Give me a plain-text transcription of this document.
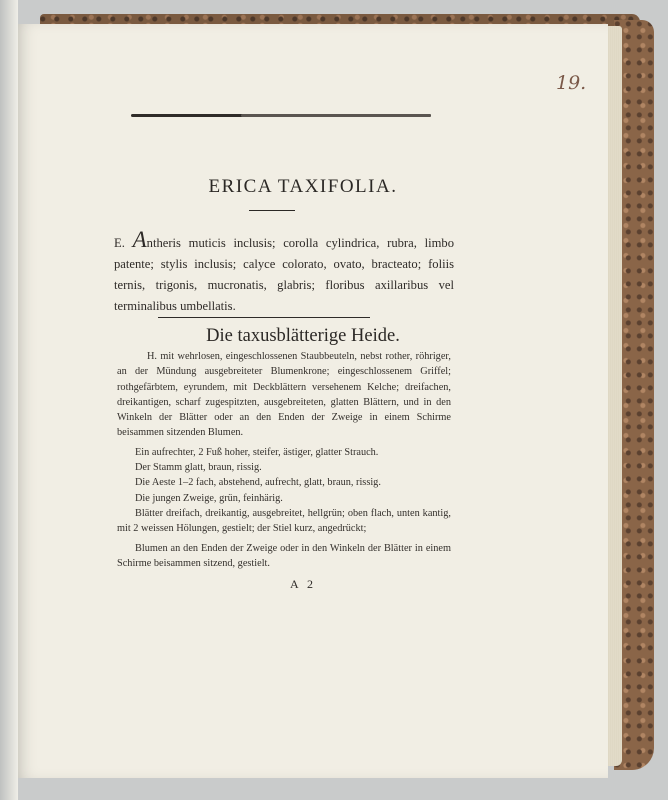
19.
ERICA TAXIFOLIA.
E. Antheris muticis inclusis; corolla cylindrica, rubra, limbo patente; stylis inclusis; calyce colorato, ovato, bracteato; foliis ternis, trigonis, mucronatis, glabris; floribus axillaribus vel terminalibus umbellatis.
Die taxusblätterige Heide.

H. mit wehrlosen, eingeschlossenen Staubbeuteln, nebst rother, röhriger, an der Mündung ausgebreiteter Blumenkrone; eingeschlossenem Griffel; rothgefärbtem, eyrundem, mit Deckblättern versehenem Kelche; dreifachen, dreikantigen, scharf zugespitzten, ausgebreiteten, glatten Blättern, und in den Winkeln der Blätter oder an den Enden der Zweige in einem Schirme beisammen sitzenden Blumen.

Ein aufrechter, 2 Fuß hoher, steifer, ästiger, glatter Strauch.

Der Stamm glatt, braun, rissig.

Die Aeste 1–2 fach, abstehend, aufrecht, glatt, braun, rissig.

Die jungen Zweige, grün, feinhärig.

Blätter dreifach, dreikantig, ausgebreitet, hellgrün; oben flach, unten kantig, mit 2 weissen Hölungen, gestielt; der Stiel kurz, angedrückt;

Blumen an den Enden der Zweige oder in den Winkeln der Blätter in einem Schirme beisammen sitzend, gestielt.

A 2
